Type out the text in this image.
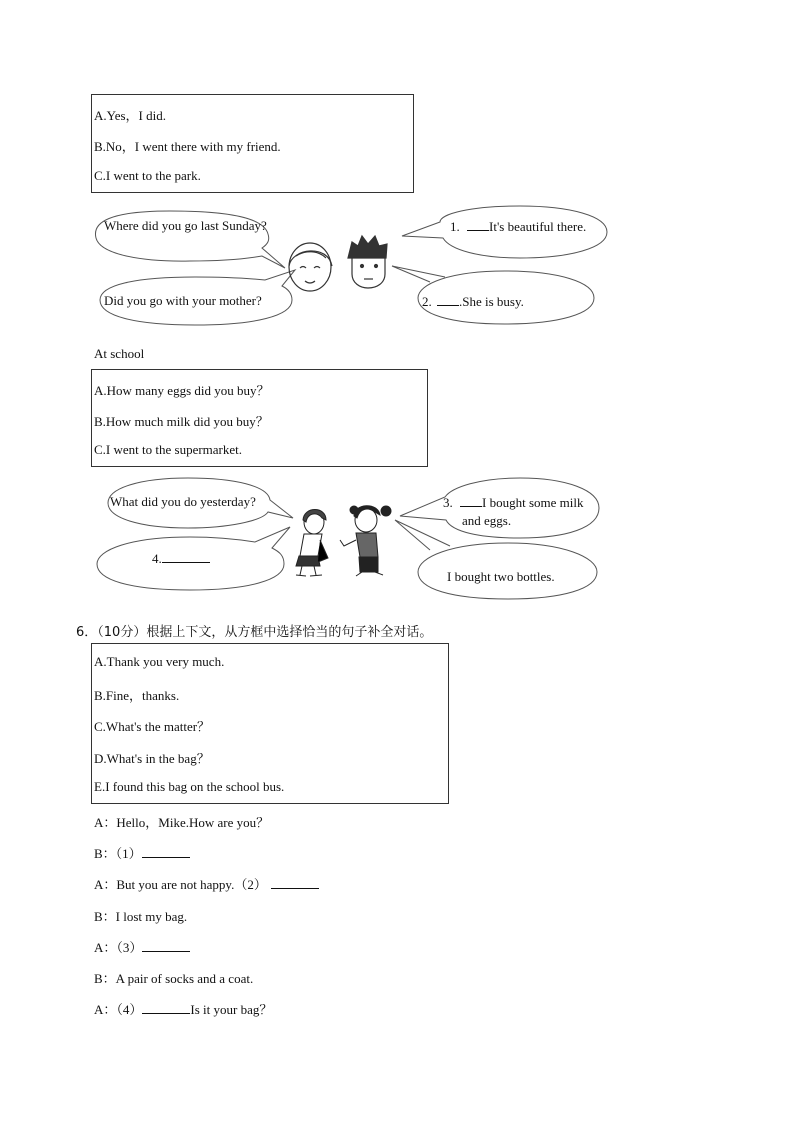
A.Yes，I did.
B.No，I went there with my friend.
C.I went to the park.
Where did you go last Sunday?	1. It's beautiful there.
Did you go with your mother?	2. .She is busy.
At school
A.How many eggs did you buy？
B.How much milk did you buy？
C.I went to the supermarket.
What did you do yesterday?	3. I bought some milk
and eggs.
4.
I bought two bottles.
6．（10分）根据上下文，从方框中选择恰当的句子补全对话。
A.Thank you very much.
B.Fine，thanks.
C.What's the matter？
D.What's in the bag？
E.I found this bag on the school bus.
A：Hello，Mike.How are you？
B：（1）
A：But you are not happy.（2）
B：I lost my bag.
A：（3）
B：A pair of socks and a coat.
A：（4）	Is it your bag？
